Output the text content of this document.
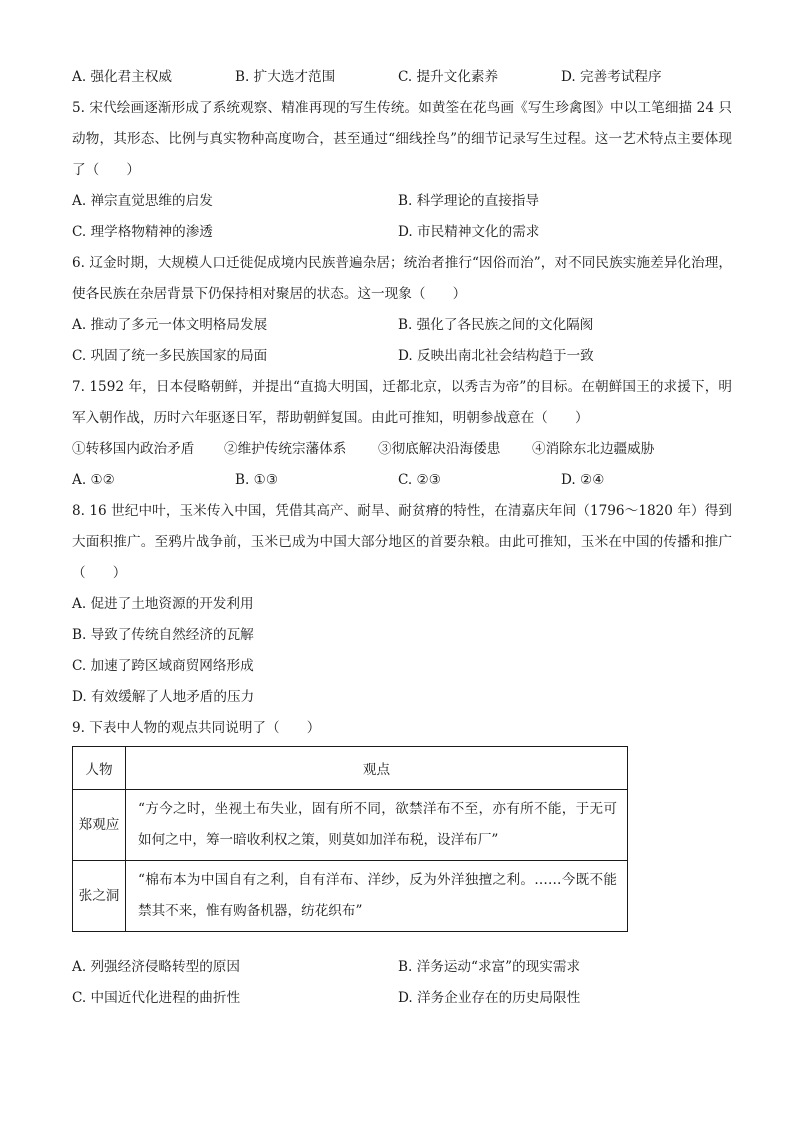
A. 强化君主权威	B. 扩大选才范围	C. 提升文化素养	D. 完善考试程序
5. 宋代绘画逐渐形成了系统观察、精准再现的写生传统。如黄筌在花鸟画《写生珍禽图》中以工笔细描 24 只动物，其形态、比例与真实物种高度吻合，甚至通过“细线拴鸟”的细节记录写生过程。这一艺术特点主要体现了（　　）
A. 禅宗直觉思维的启发	B. 科学理论的直接指导
C. 理学格物精神的渗透	D. 市民精神文化的需求
6. 辽金时期，大规模人口迁徙促成境内民族普遍杂居；统治者推行“因俗而治”，对不同民族实施差异化治理，使各民族在杂居背景下仍保持相对聚居的状态。这一现象（　　）
A. 推动了多元一体文明格局发展	B. 强化了各民族之间的文化隔阂
C. 巩固了统一多民族国家的局面	D. 反映出南北社会结构趋于一致
7. 1592 年，日本侵略朝鲜，并提出“直捣大明国，迁都北京，以秀吉为帝”的目标。在朝鲜国王的求援下，明军入朝作战，历时六年驱逐日军，帮助朝鲜复国。由此可推知，明朝参战意在（　　）
①转移国内政治矛盾	②维护传统宗藩体系	③彻底解决沿海倭患	④消除东北边疆威胁
A. ①②	B. ①③	C. ②③	D. ②④
8. 16 世纪中叶，玉米传入中国，凭借其高产、耐旱、耐贫瘠的特性，在清嘉庆年间（1796～1820 年）得到大面积推广。至鸦片战争前，玉米已成为中国大部分地区的首要杂粮。由此可推知，玉米在中国的传播和推广（　　）
A. 促进了土地资源的开发利用
B. 导致了传统自然经济的瓦解
C. 加速了跨区域商贸网络形成
D. 有效缓解了人地矛盾的压力
9. 下表中人物的观点共同说明了（　　）
人物	观点
郑观应	“方今之时，坐视土布失业，固有所不同，欲禁洋布不至，亦有所不能，于无可如何之中，筹一暗收利权之策，则莫如加洋布税，设洋布厂”
张之洞	“棉布本为中国自有之利，自有洋布、洋纱，反为外洋独擅之利。……今既不能禁其不来，惟有购备机器，纺花织布”
A. 列强经济侵略转型的原因	B. 洋务运动“求富”的现实需求
C. 中国近代化进程的曲折性	D. 洋务企业存在的历史局限性
